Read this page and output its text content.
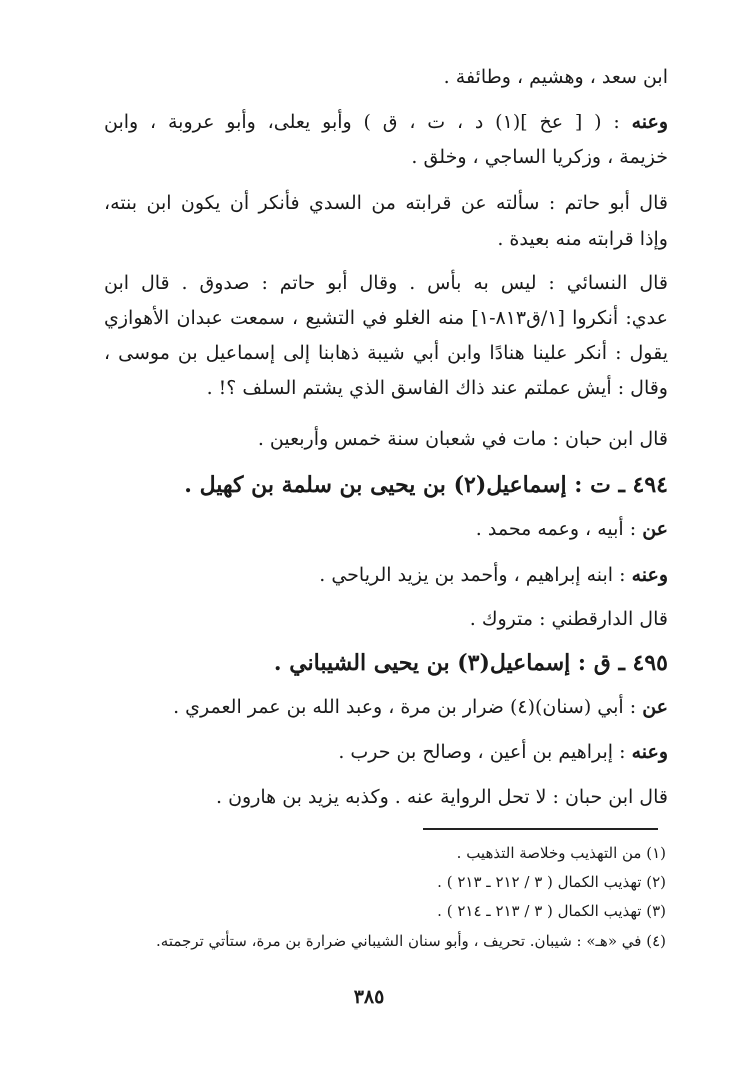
ابن سعد ، وهشيم ، وطائفة .
وعنه : ( [ عخ ](١) د ، ت ، ق ) وأبو يعلى، وأبو عروبة ، وابن
خزيمة ، وزكريا الساجي ، وخلق .
قال أبو حاتم : سألته عن قرابته من السدي فأنكر أن يكون ابن بنته،
وإذا قرابته منه بعيدة .
قال النسائي : ليس به بأس . وقال أبو حاتم : صدوق . قال ابن
عدي: أنكروا [١/ق٨١٣-١] منه الغلو في التشيع ، سمعت عبدان الأهوازي
يقول : أنكر علينا هنادًا وابن أبي شيبة ذهابنا إلى إسماعيل بن موسى ،
وقال : أيش عملتم عند ذاك الفاسق الذي يشتم السلف ؟! .
قال ابن حبان : مات في شعبان سنة خمس وأربعين .
٤٩٤ ـ ت : إسماعيل(٢) بن يحيى بن سلمة بن كهيل .
عن : أبيه ، وعمه محمد .
وعنه : ابنه إبراهيم ، وأحمد بن يزيد الرياحي .
قال الدارقطني : متروك .
٤٩٥ ـ ق : إسماعيل(٣) بن يحيى الشيباني .
عن : أبي (سنان)(٤) ضرار بن مرة ، وعبد الله بن عمر العمري .
وعنه : إبراهيم بن أعين ، وصالح بن حرب .
قال ابن حبان : لا تحل الرواية عنه . وكذبه يزيد بن هارون .
(١) من التهذيب وخلاصة التذهيب .
(٢) تهذيب الكمال ( ٣ / ٢١٢ ـ ٢١٣ ) .
(٣) تهذيب الكمال ( ٣ / ٢١٣ ـ ٢١٤ ) .
(٤) في «هـ» : شيبان. تحريف ، وأبو سنان الشيباني ضرارة بن مرة، ستأتي ترجمته.
٣٨٥
